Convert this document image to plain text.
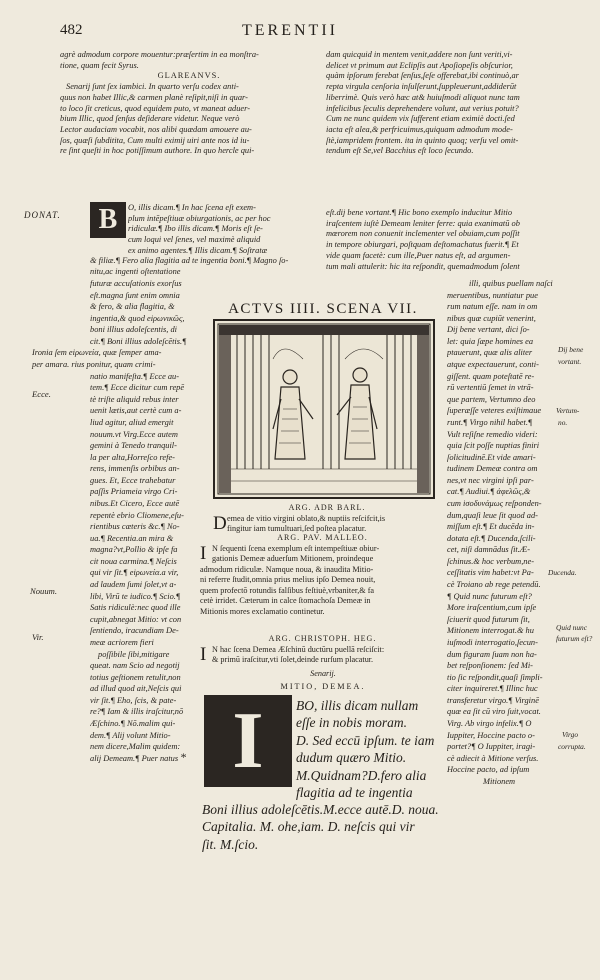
482	TERENTII
agrè admodum corpore mouentur:præſertim in ea monſtra-
tione, quam fecit Syrus.
GLAREANVS.
Senarij ſunt ſex iambici. In quarto verſu codex anti-
quus non habet Illic,& carmen planè reſipit,niſi in quar-
to loco ſit creticus, quod equidem puto, vt maneat aduer-
bium Illic, quod ſenſus deſiderare videtur. Neque verò
Lector audaciam vocabit, nos alibi quædam amouere au-
ſos, quæſi ſubditita, Cum multi eximij uiri ante nos id iu-
re ſint queſti in hoc potiſſimum authore. In quo hercle qui-
dam quicquid in mentem venit,addere non ſunt veriti,vi-
delicet vt primum aut Eclipſis aut Apoſiopeſis obſcurior,
quàm ipſorum ferebat ſenſus,ſeſe offerebat,ibi continuò,ar
repta virgula cenſoria inſulſerunt,ſuppleuerunt,addiderūt
liberrimè. Quis verò hæc at& huiuſmodi aliquot nunc tam
infelicibus ſeculis deprehendere volunt, aut verius potuit?
Cum ne nunc quidem vix ſufferent etiam eximiè docti.ſed
iacta eſt alea,& perfricuimus,quiquam admodum mode-
ſtè,iampridem frontem. ita in quinto quoq; verſu vel omit-
tendum eſt Se,vel Bacchius eſt loco ſecundo.
DONAT.	B	O, illis dicam.¶ In hac ſcena eſt exem-
plum intēpeſtiuæ obiurgationis, ac per hoc
ridiculæ.¶ Ibo illis dicam.¶ Moris eſt ſe-
cum loqui vel ſenes, vel maximè aliquid
ex animo agentes.¶ Illis dicam.¶ Soſtratæ
& filiæ.¶ Fero alia flagitia ad te ingentia boni.¶ Magno ſo-
nitu,ac ingenti oſtentatione
eſt.dij bene vortant.¶ Hic bono exemplo inducitur Mitio
iraſcentem iuſtè Demeam leniter ferre: quia exanimatū ob
mœrorem non conuenit inclementer vel obuiam,cum poſſit
in tempore obiurgari, poſtquam deſtomachatus fuerit.¶ Et
vide quam facetè: cum ille,Puer natus eſt, ad argumen-
tum mali attulerit: hic ita reſpondit, quemadmodum ſolent
futuræ accuſationis exorſus
eſt.magna ſunt enim omnia
& fero, & alia flagitia, &
ingentia,& quod eiρωνικῶς,
boni illius adoleſcentis, di
cit.¶ Boni illius adoleſcētis.¶
Ironia ſem eiρωνεία, quæ ſemper ama-
per amara. rius ponitur, quam crimi-
natio manifeſta.¶ Ecce au-
tem.¶ Ecce dicitur cum repē
tè triſte aliquid rebus inter
uenit lætis,aut certè cum a-
liud agitur, aliud emergit
nouum.vt Virg.Ecce autem
gemini à Tenedo tranquil-
la per alta,Horreſco refe-
rens, immenſis orbibus an-
gues. Et, Ecce trahebatur
paſſis Priameia virgo Cri-
nibus.Et Cicero, Ecce autē
repentè ebrio Cliomene,eſu-
rientibus cæteris &c.¶ No-
ua.¶ Recentia.an mira &
magna?vt,Pollio & ipſe fa
cit noua carmina.¶ Neſcis
qui vir ſit.¶ eiρωνεία.a vir,
ad laudem ſumi ſolet,vt a-
libi, Virū te iudico.¶ Scio.¶
Satis ridiculè:nec quod ille
cupit,abnegat Mitio: vt con
ſentiendo, iracundiam De-
meæ acriorem fieri
poſſibile ſibi,mitigare
queat. nam Scio ad negotij
totius geſtionem retulit,non
ad illud quod ait,Neſcis qui
vir ſit.¶ Eho, ſcis, & pate-
re?¶ Iam & illis iraſcitur,nō
Æſchino.¶ Nō.malim qui-
dem.¶ Alij volunt Mitio-
nem dicere,Malim quidem:
alij Demeam.¶ Puer natus
Ecce.
Nouum.
Vir.
illi, quibus puellam naſci
meruentibus, nuntiatur pue
rum natum eſſe. nam in om
nibus quæ cupiūt venerint,
Dij bene vertant, dici ſo-
let: quia ſæpe homines ea
ptauerunt, quæ alis aliter
atque expectauerunt, conti-
giſſent. quam poteſtatē re-
rū vertentiū ſemet in vtrā-
que partem, Vertumno deo
ſuperæſſe veteres exiſtimaue
runt.¶ Virgo nihil habet.¶
Vult reſiſne remedio videri:
quia ſcit poſſe nuptias finiri
ſolicitudinē.Et vide amari-
tudinem Demeæ contra om
nes,vt nec virgini ipſi par-
cat.¶ Audiui.¶ ἀφελῶς,&
cum iσοδυνάμως reſponden-
dum,quaſi leue ſit quod ad-
miſſum eſt.¶ Et ducēda in-
dotata eſt.¶ Ducenda,ſcili-
cet, niſi damnādus ſit.Æ-
ſchinus.& hoc verbum,ne-
ceſſitatis vim habet:vt Pa-
cè Troiano ab rege petendū.
¶ Quid nunc futurum eſt?
More iraſcentium,cum ipſe
ſciuerit quod futurum ſit,
Mitionem interrogat.& hu
iuſmodi interrogatio,ſecun-
dum figuram ſuam non ha-
bet reſponſionem: ſed Mi-
tio ſic reſpondit,quaſi ſimpli-
citer inquireret.¶ Illinc huc
transferetur virgo.¶ Virginē
quæ ea ſit cū viro ſuit,vocat.
Virg. Ab virgo infelix.¶ O
Iuppiter, Hoccine pacto o-
portet?¶ O Iuppiter, iragi-
cè adiecit à Mitione verſus.
Hoccine pacto, ad ipſum
Mitionem
Dij bene
vortant.
Vertum-
no.
Ducenda.
Quid nunc
futurum eſt?
Virgo
corrupta.
ACTVS IIII. SCENA VII.
ARG. ADR BARL.
D emea de vitio virgini oblato,& nuptiis reſcifcit,is
fingitur iam tumultuari,ſed poſtea placatur.
ARG. PAV. MALLEO.
I N ſequenti ſcena exemplum eſt intempeſtiuæ obiur-
gationis Demeæ aduerſum Mitionem, proindeque
admodum ridiculæ. Namque noua, & inaudita Mitio-
ni referre ſtudit,omnia prius melius ipſo Demea nouit,
quem profectō rotundis falſibus feſtiuè,vrbaniter,& fa
cetè irridet. Cæterum in calce ſtomachoſa Demeæ in
Mitionis mores exclamatio continetur.
ARG. CHRISTOPH. HEG.
I N hac ſcena Demea Æſchinū ductūru puellā reſciſcit:
& primū iraſcitur,vti ſolet,deinde rurſum placatur.
Senarij.
MITIO, DEMEA.
I	BO, illis dicam nullam
eſſe in nobis moram.
D. Sed eccū ipſum. te iam
dudum quæro Mitio.
M.Quidnam?D.fero alia
flagitia ad te ingentia
Boni illius adoleſcētis.M.ecce autē.D. noua.
Capitalia. M. ohe,iam. D. neſcis qui vir
ſit. M.ſcio.
*
